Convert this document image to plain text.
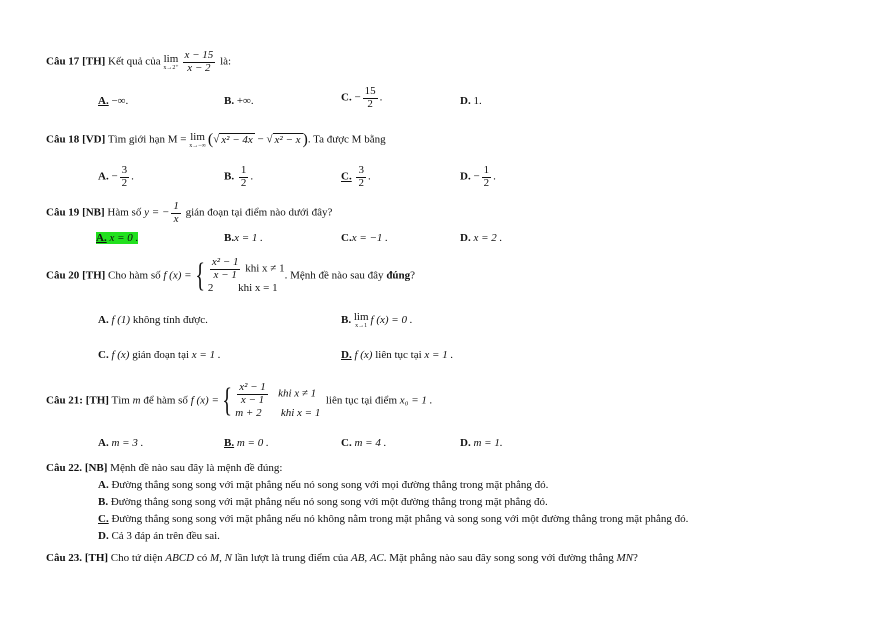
Câu 17 [TH] Kết quả của lim
$x\to 2^+ \frac{x - 15}{x - 2}$ là:
A. −∞.	B. +∞.	C. − $\frac{15}{2}$ .	D. 1.
Câu 18 [VD] Tìm giới hạn M = lim
x→−∞ (√ x² − 4x − √ x² − x ). Ta được M bằng
A. − $\frac{3}{2}$ .	B. $\frac{1}{2}$ .	C. $\frac{3}{2}$ .	D. − $\frac{1}{2}$ .
Câu 19 [NB] Hàm số y = − $\frac{1}{x}$ gián đoạn tại điểm nào dưới đây?
A. x = 0 .	B.x = 1 .	C.x = −1 .	D. x = 2 .
Câu 20 [TH] Cho hàm số f (x) ={ $\frac{\text{x² − 1}}{x - 1}$ khi x ≠ 1
2 khi x = 1
. Mệnh đề nào sau đây đúng?
A. f (1) không tính được.	B. lim
x→1 f (x) = 0 .
C. f (x) gián đoạn tại x = 1 .	D. f (x) liên tục tại x = 1 .
Câu 21: [TH] Tìm m để hàm số f (x) ={ $\frac{\text{x² − 1}}{x - 1}$ khi x ≠ 1
m + 2 khi x = 1
liên tục tại điểm x₀ = 1 .
A. m = 3 .	B. m = 0 .	C. m = 4 .	D. m = 1.
Câu 22. [NB] Mệnh đề nào sau đây là mệnh đề đúng:
A. Đường thẳng song song với mặt phẳng nếu nó song song với mọi đường thẳng trong mặt phẳng đó.
B. Đường thẳng song song với mặt phẳng nếu nó song song với một đường thẳng trong mặt phẳng đó.
C. Đường thẳng song song với mặt phẳng nếu nó không nằm trong mặt phẳng và song song với một đường thẳng trong mặt phẳng đó.
D. Cả 3 đáp án trên đều sai.
Câu 23. [TH] Cho tứ diện ABCD có M, N lần lượt là trung điểm của AB, AC. Mặt phẳng nào sau đây song song với đường thẳng MN?
